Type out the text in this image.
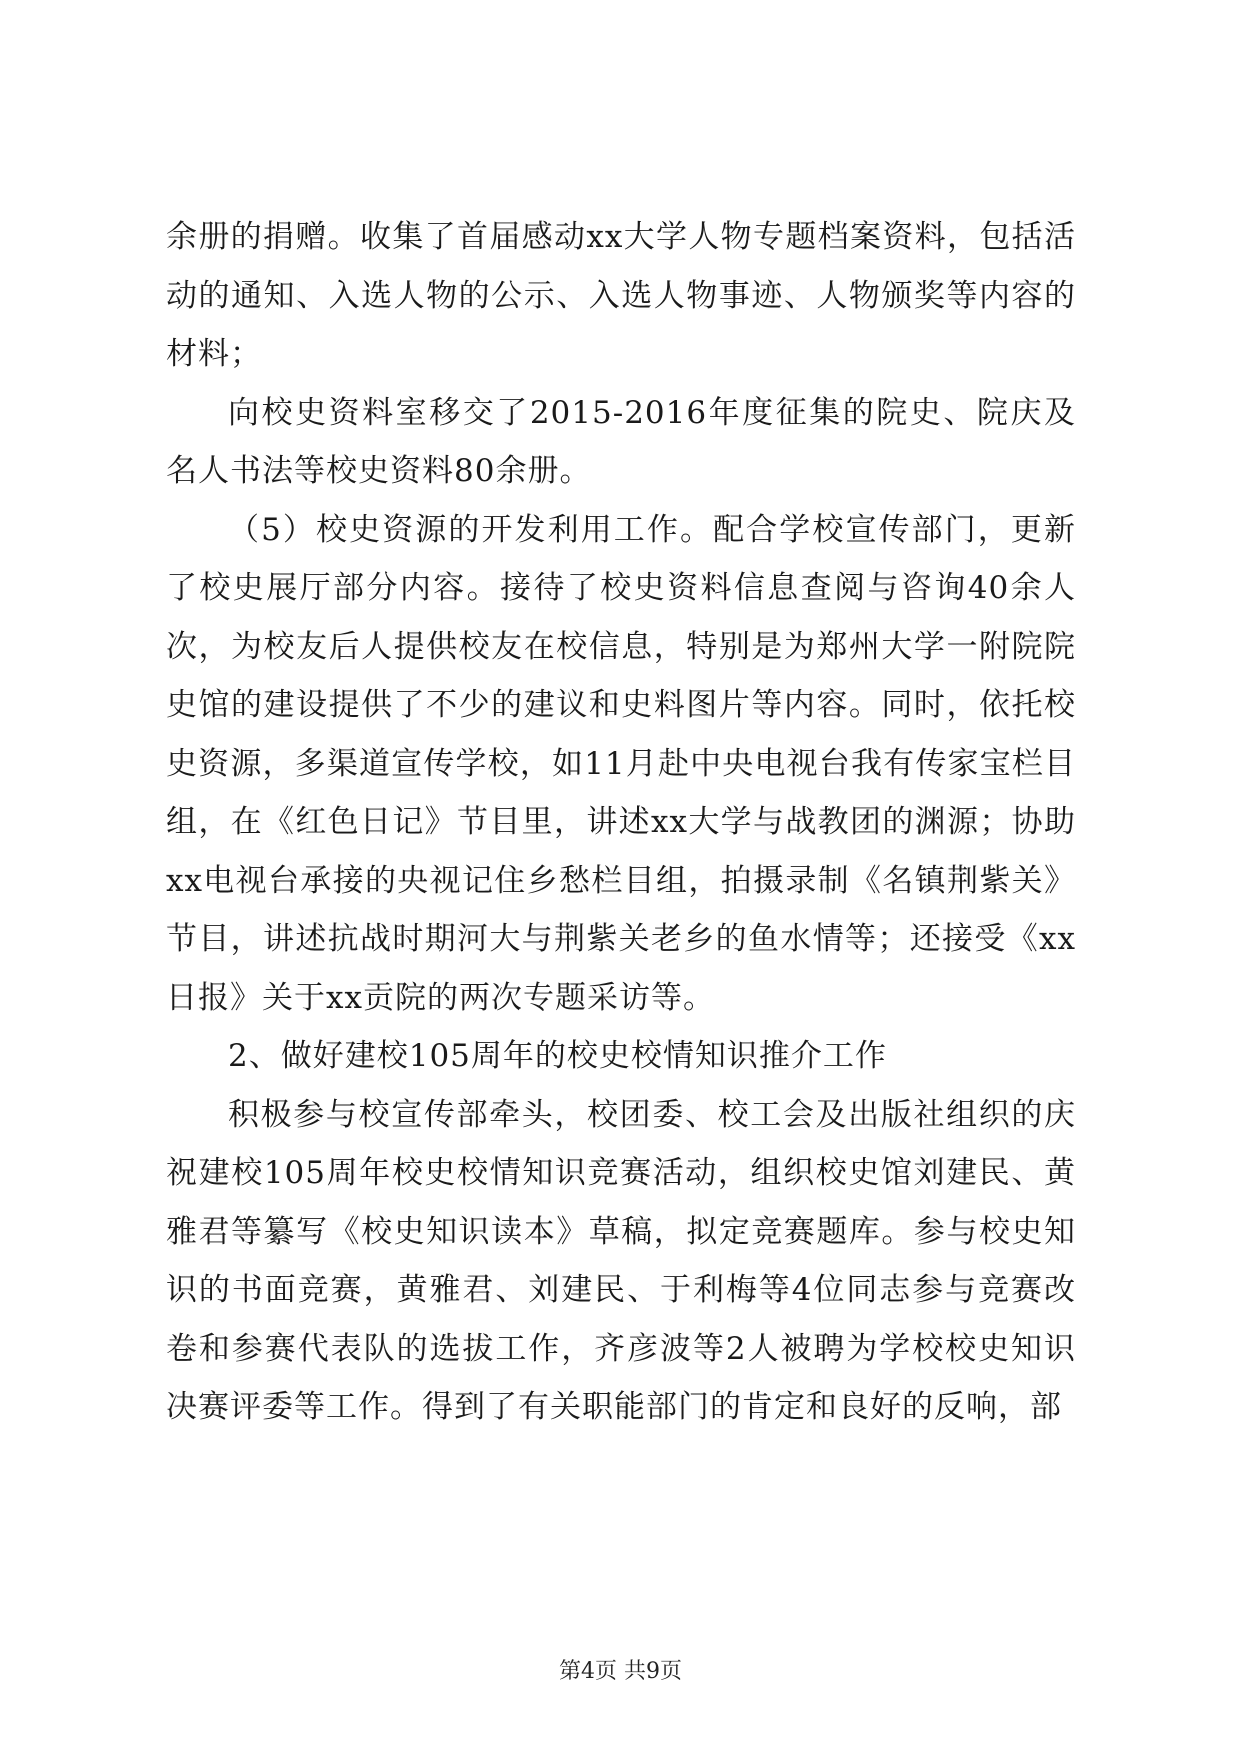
余册的捐赠。收集了首届感动xx大学人物专题档案资料，包括活动的通知、入选人物的公示、入选人物事迹、人物颁奖等内容的材料；

向校史资料室移交了2015-2016年度征集的院史、院庆及名人书法等校史资料80余册。

（5）校史资源的开发利用工作。配合学校宣传部门，更新了校史展厅部分内容。接待了校史资料信息查阅与咨询40余人次，为校友后人提供校友在校信息，特别是为郑州大学一附院院史馆的建设提供了不少的建议和史料图片等内容。同时，依托校史资源，多渠道宣传学校，如11月赴中央电视台我有传家宝栏目组，在《红色日记》节目里，讲述xx大学与战教团的渊源；协助xx电视台承接的央视记住乡愁栏目组，拍摄录制《名镇荆紫关》节目，讲述抗战时期河大与荆紫关老乡的鱼水情等；还接受《xx日报》关于xx贡院的两次专题采访等。

2、做好建校105周年的校史校情知识推介工作

积极参与校宣传部牵头，校团委、校工会及出版社组织的庆祝建校105周年校史校情知识竞赛活动，组织校史馆刘建民、黄雅君等纂写《校史知识读本》草稿，拟定竞赛题库。参与校史知识的书面竞赛，黄雅君、刘建民、于利梅等4位同志参与竞赛改卷和参赛代表队的选拔工作，齐彦波等2人被聘为学校校史知识决赛评委等工作。得到了有关职能部门的肯定和良好的反响，部

第4页 共9页
